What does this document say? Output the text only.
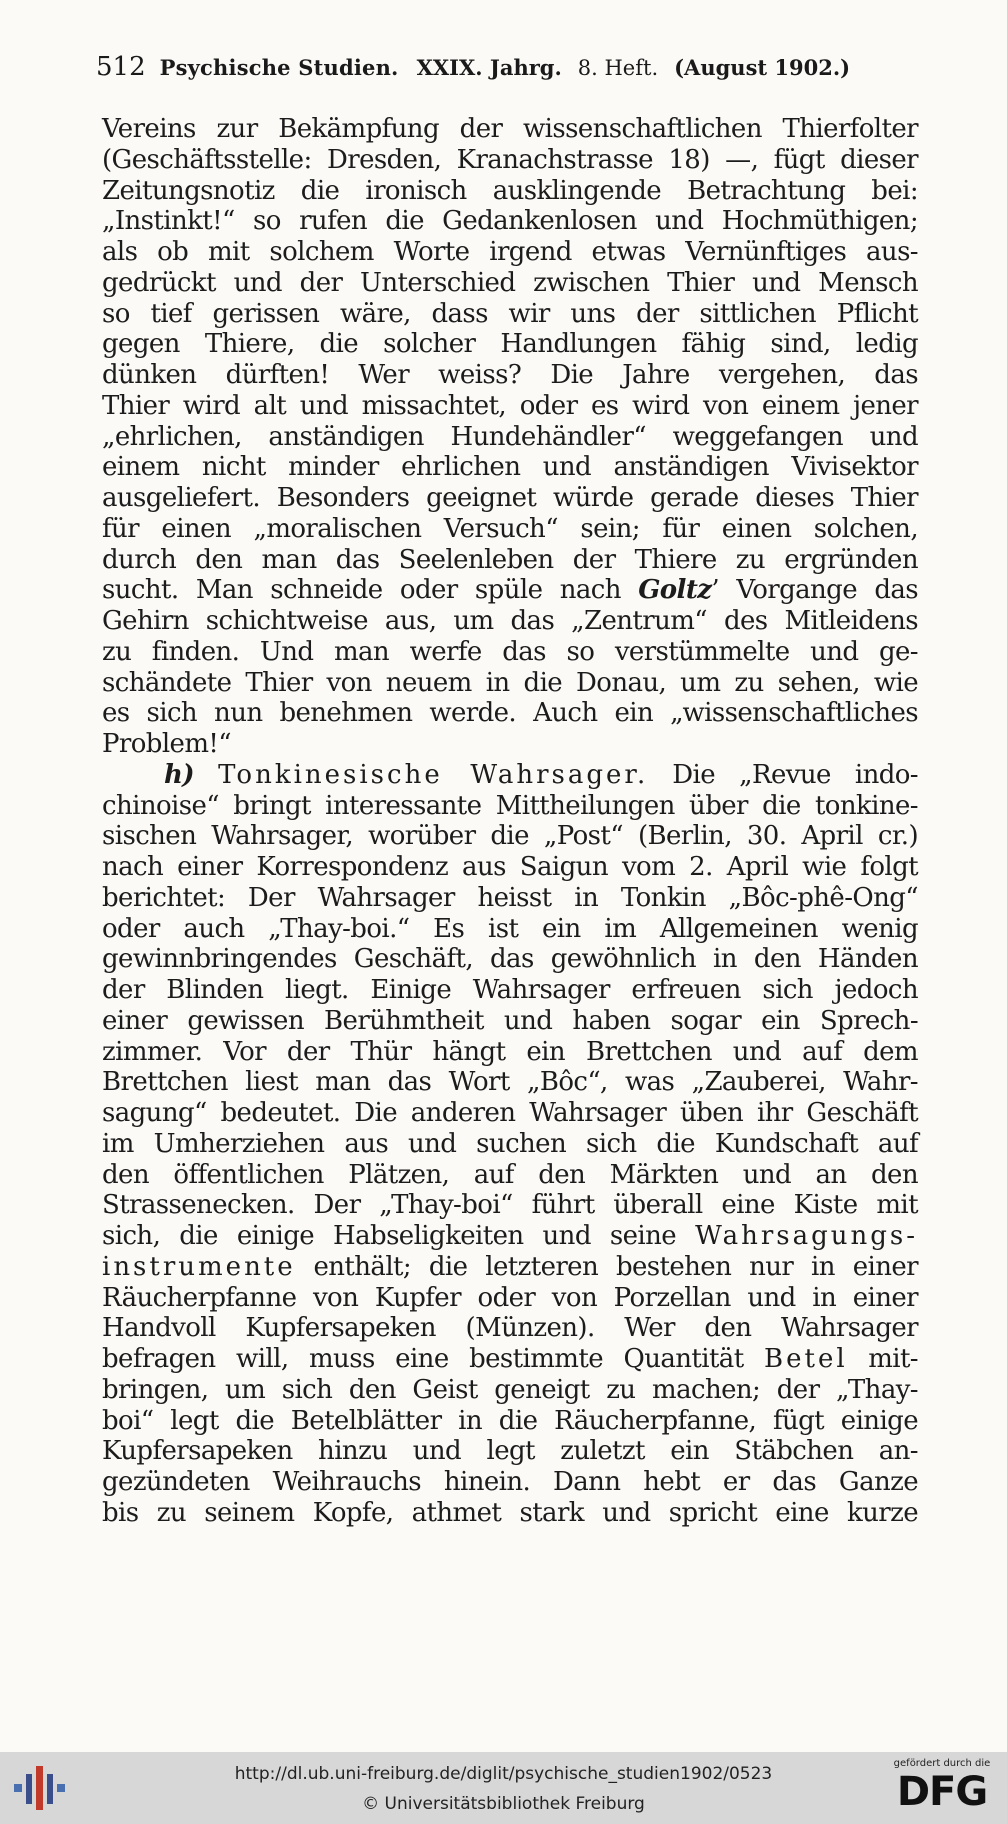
512 Psychische Studien. XXIX. Jahrg. 8. Heft. (August 1902.)
Vereins zur Bekämpfung der wissenschaftlichen Thierfolter
(Geschäftsstelle: Dresden, Kranachstrasse 18) —, fügt dieser
Zeitungsnotiz die ironisch ausklingende Betrachtung bei:
„Instinkt!“ so rufen die Gedankenlosen und Hochmüthigen;
als ob mit solchem Worte irgend etwas Vernünftiges aus-
gedrückt und der Unterschied zwischen Thier und Mensch
so tief gerissen wäre, dass wir uns der sittlichen Pflicht
gegen Thiere, die solcher Handlungen fähig sind, ledig
dünken dürften! Wer weiss? Die Jahre vergehen, das
Thier wird alt und missachtet, oder es wird von einem jener
„ehrlichen, anständigen Hundehändler“ weggefangen und
einem nicht minder ehrlichen und anständigen Vivisektor
ausgeliefert. Besonders geeignet würde gerade dieses Thier
für einen „moralischen Versuch“ sein; für einen solchen,
durch den man das Seelenleben der Thiere zu ergründen
sucht. Man schneide oder spüle nach Goltz’ Vorgange das
Gehirn schichtweise aus, um das „Zentrum“ des Mitleidens
zu finden. Und man werfe das so verstümmelte und ge-
schändete Thier von neuem in die Donau, um zu sehen, wie
es sich nun benehmen werde. Auch ein „wissenschaftliches
Problem!“
h) Tonkinesische Wahrsager. Die „Revue indo-
chinoise“ bringt interessante Mittheilungen über die tonkine-
sischen Wahrsager, worüber die „Post“ (Berlin, 30. April cr.)
nach einer Korrespondenz aus Saigun vom 2. April wie folgt
berichtet: Der Wahrsager heisst in Tonkin „Bôc-phê-Ong“
oder auch „Thay-boi.“ Es ist ein im Allgemeinen wenig
gewinnbringendes Geschäft, das gewöhnlich in den Händen
der Blinden liegt. Einige Wahrsager erfreuen sich jedoch
einer gewissen Berühmtheit und haben sogar ein Sprech-
zimmer. Vor der Thür hängt ein Brettchen und auf dem
Brettchen liest man das Wort „Bôc“, was „Zauberei, Wahr-
sagung“ bedeutet. Die anderen Wahrsager üben ihr Geschäft
im Umherziehen aus und suchen sich die Kundschaft auf
den öffentlichen Plätzen, auf den Märkten und an den
Strassenecken. Der „Thay-boi“ führt überall eine Kiste mit
sich, die einige Habseligkeiten und seine Wahrsagungs-
instrumente enthält; die letzteren bestehen nur in einer
Räucherpfanne von Kupfer oder von Porzellan und in einer
Handvoll Kupfersapeken (Münzen). Wer den Wahrsager
befragen will, muss eine bestimmte Quantität Betel mit-
bringen, um sich den Geist geneigt zu machen; der „Thay-
boi“ legt die Betelblätter in die Räucherpfanne, fügt einige
Kupfersapeken hinzu und legt zuletzt ein Stäbchen an-
gezündeten Weihrauchs hinein. Dann hebt er das Ganze
bis zu seinem Kopfe, athmet stark und spricht eine kurze
http://dl.ub.uni-freiburg.de/diglit/psychische_studien1902/0523
© Universitätsbibliothek Freiburg
gefördert durch die
DFG
